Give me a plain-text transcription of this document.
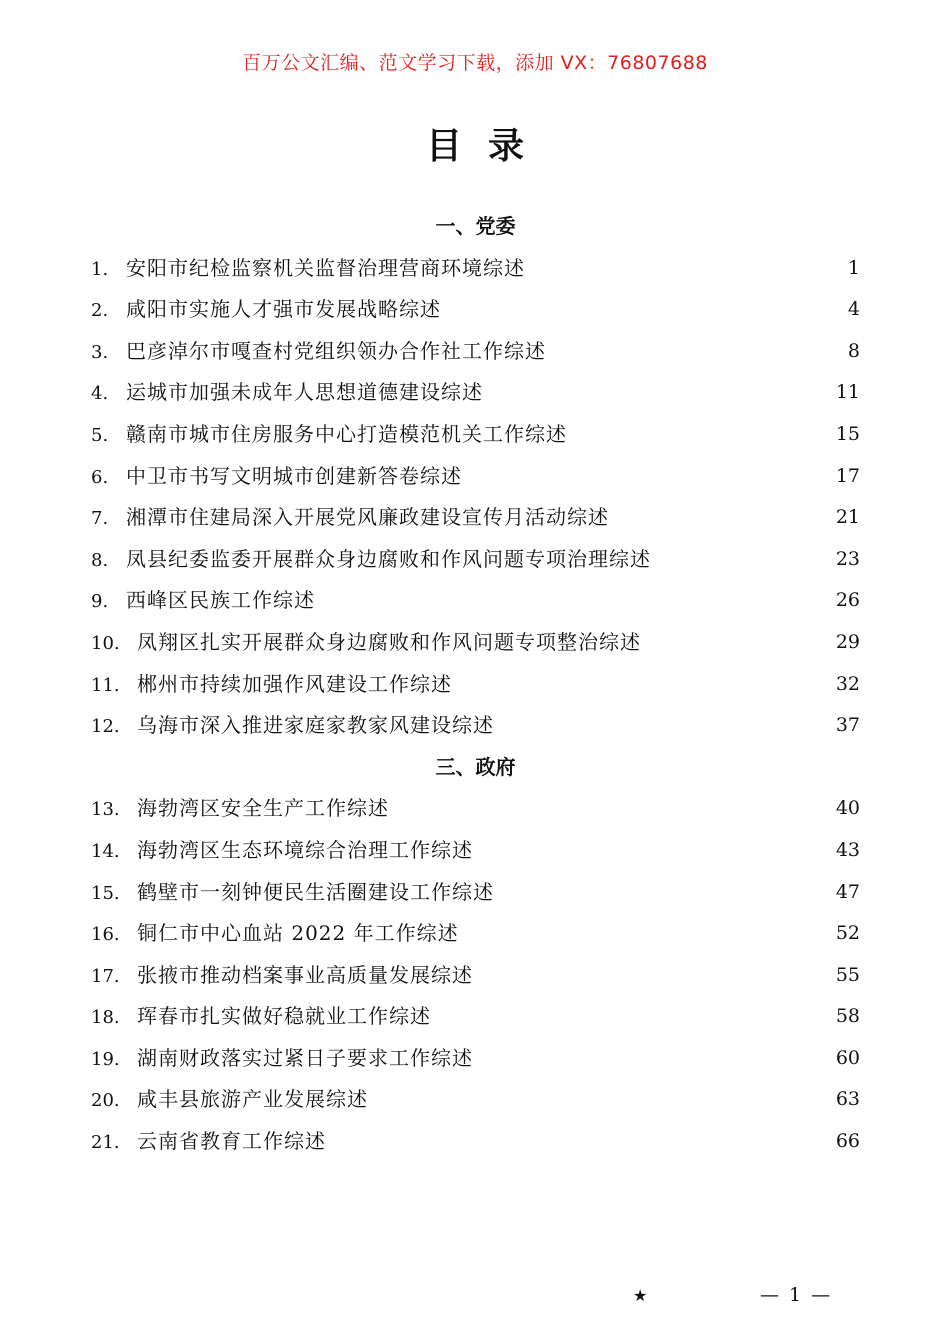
百万公文汇编、范文学习下载，添加 VX：76807688
目录
一、党委
1. 安阳市纪检监察机关监督治理营商环境综述	1
2. 咸阳市实施人才强市发展战略综述	4
3. 巴彦淖尔市嘎查村党组织领办合作社工作综述	8
4. 运城市加强未成年人思想道德建设综述	11
5. 赣南市城市住房服务中心打造模范机关工作综述	15
6. 中卫市书写文明城市创建新答卷综述	17
7. 湘潭市住建局深入开展党风廉政建设宣传月活动综述	21
8. 凤县纪委监委开展群众身边腐败和作风问题专项治理综述	23
9. 西峰区民族工作综述	26
10. 凤翔区扎实开展群众身边腐败和作风问题专项整治综述	29
11. 郴州市持续加强作风建设工作综述	32
12. 乌海市深入推进家庭家教家风建设综述	37
三、政府
13. 海勃湾区安全生产工作综述	40
14. 海勃湾区生态环境综合治理工作综述	43
15. 鹤壁市一刻钟便民生活圈建设工作综述	47
16. 铜仁市中心血站 2022 年工作综述	52
17. 张掖市推动档案事业高质量发展综述	55
18. 珲春市扎实做好稳就业工作综述	58
19. 湖南财政落实过紧日子要求工作综述	60
20. 咸丰县旅游产业发展综述	63
21. 云南省教育工作综述	66
★	— 1 —
